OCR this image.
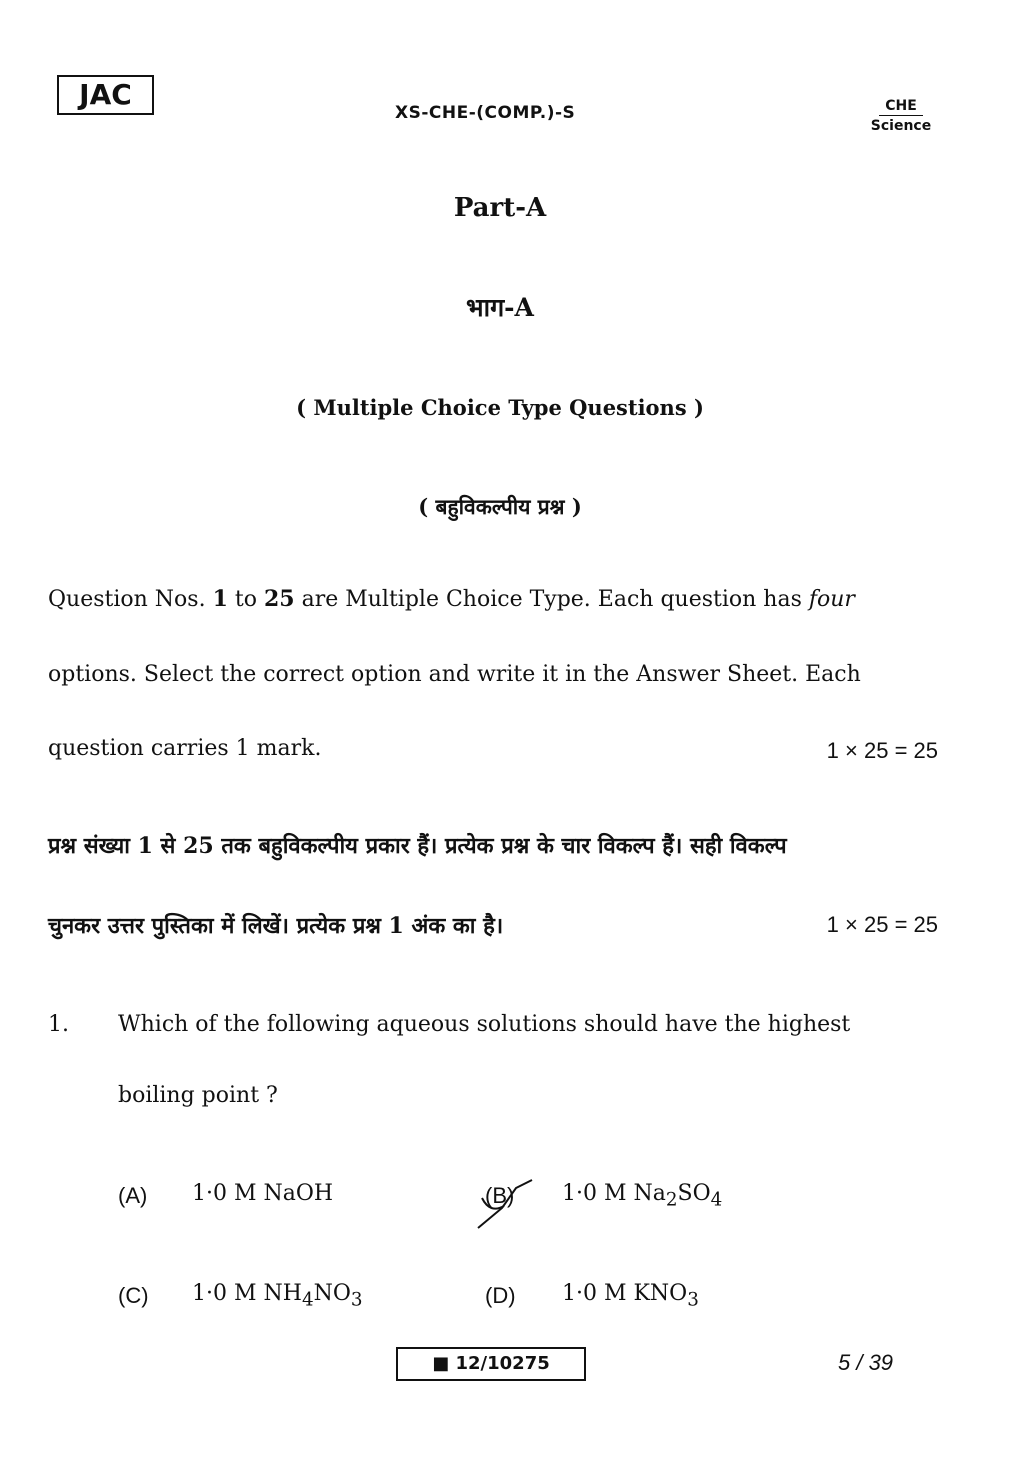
JAC
XS-CHE-(COMP.)-S	CHE
Science
Part-A
भाग-A
( Multiple Choice Type Questions )
( बहुविकल्पीय प्रश्न )
Question Nos. 1 to 25 are Multiple Choice Type. Each question has four
options. Select the correct option and write it in the Answer Sheet. Each
question carries 1 mark.	1 × 25 = 25
प्रश्न संख्या 1 से 25 तक बहुविकल्पीय प्रकार हैं। प्रत्येक प्रश्न के चार विकल्प हैं। सही विकल्प
चुनकर उत्तर पुस्तिका में लिखें। प्रत्येक प्रश्न 1 अंक का है।	1 × 25 = 25
1. Which of the following aqueous solutions should have the highest
boiling point ?
(A) 1·0 M NaOH	(B) 1·0 M $Na_2SO_4$
(C) 1·0 M $NH_4NO_3$	(D) 1·0 M $KNO_3$
■ 12/10275	5 / 39
